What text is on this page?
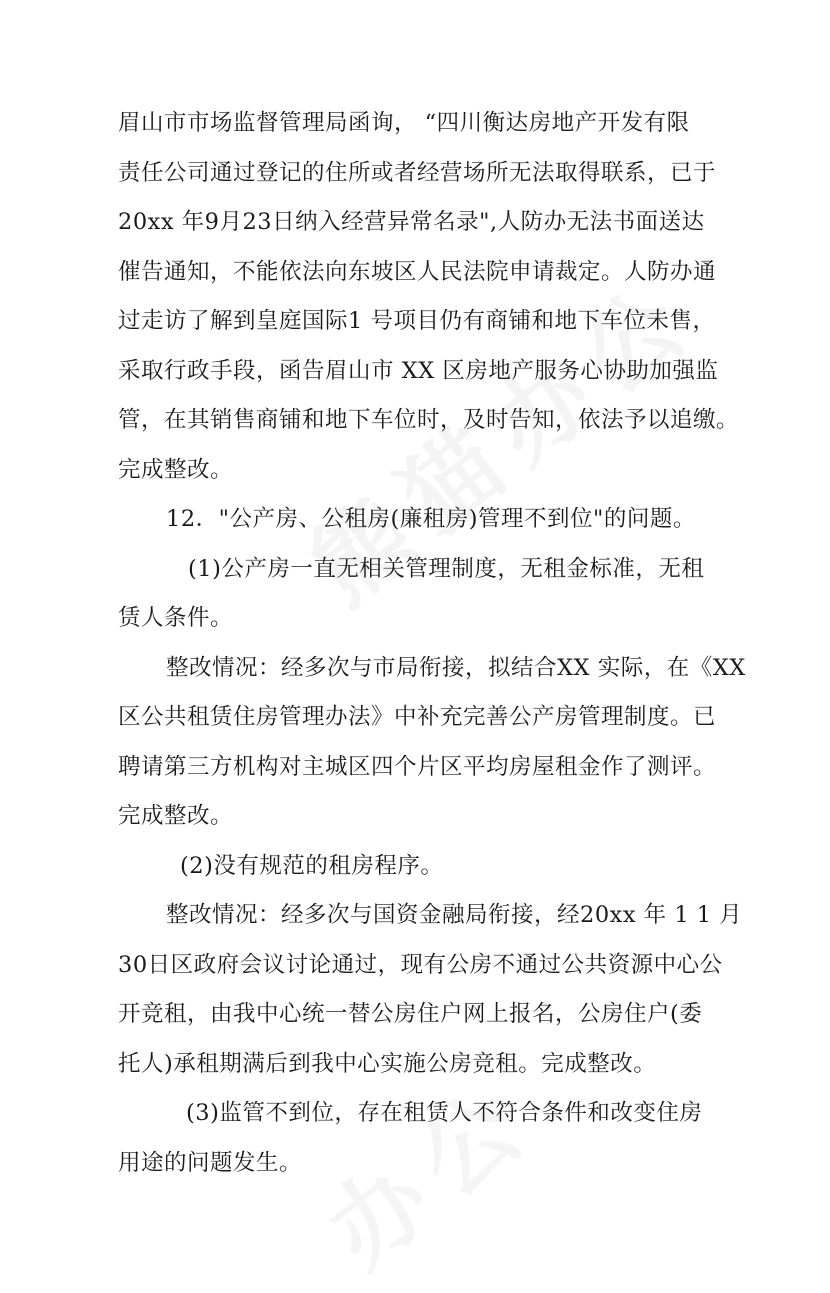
眉山市市场监督管理局函询， “四川衡达房地产开发有限
责任公司通过登记的住所或者经营场所无法取得联系，已于
20xx 年9月23日纳入经营异常名录",人防办无法书面送达
催告通知，不能依法向东坡区人民法院申请裁定。人防办通
过走访了解到皇庭国际1 号项目仍有商铺和地下车位未售，
采取行政手段，函告眉山市 XX 区房地产服务心协助加强监
管，在其销售商铺和地下车位时，及时告知，依法予以追缴。
完成整改。
12．"公产房、公租房(廉租房)管理不到位"的问题。
(1)公产房一直无相关管理制度，无租金标准，无租
赁人条件。
整改情况：经多次与市局衔接，拟结合XX 实际，在《XX
区公共租赁住房管理办法》中补充完善公产房管理制度。已
聘请第三方机构对主城区四个片区平均房屋租金作了测评。
完成整改。
(2)没有规范的租房程序。
整改情况：经多次与国资金融局衔接，经20xx 年 1 1 月
30日区政府会议讨论通过，现有公房不通过公共资源中心公
开竞租，由我中心统一替公房住户网上报名，公房住户(委
托人)承租期满后到我中心实施公房竞租。完成整改。
(3)监管不到位，存在租赁人不符合条件和改变住房
用途的问题发生。
